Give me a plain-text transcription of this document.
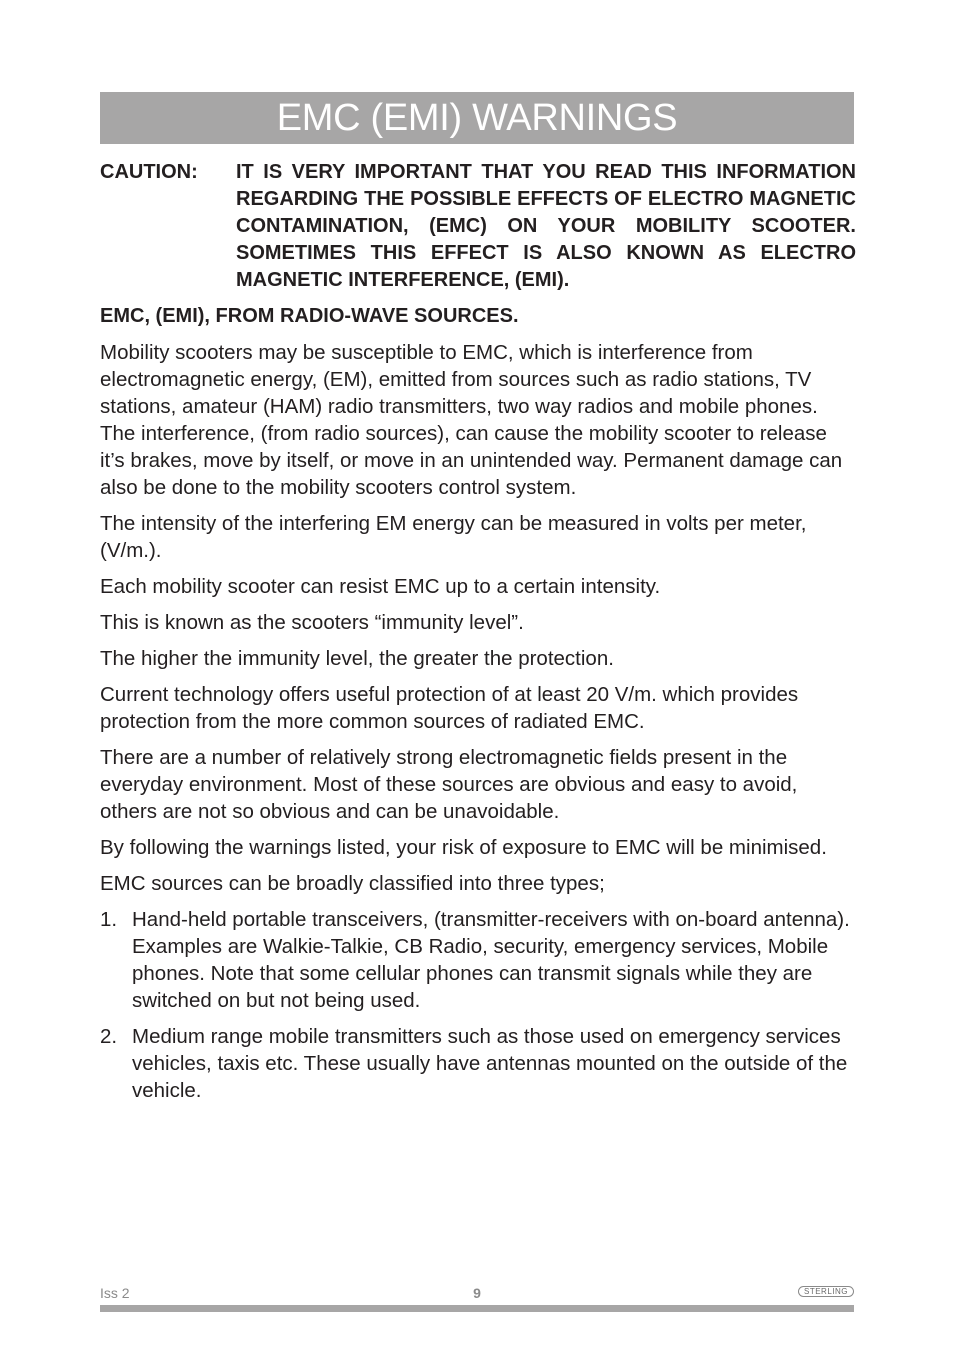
EMC (EMI) WARNINGS
CAUTION:	IT IS VERY IMPORTANT THAT YOU READ THIS INFORMATION REGARDING THE POSSIBLE EFFECTS OF ELECTRO MAGNETIC CONTAMINATION, (EMC) ON YOUR MOBILITY SCOOTER. SOMETIMES THIS EFFECT IS ALSO KNOWN AS ELECTRO MAGNETIC INTERFERENCE, (EMI).
EMC, (EMI), FROM RADIO-WAVE SOURCES.

Mobility scooters may be susceptible to EMC, which is interference from electromagnetic energy, (EM), emitted from sources such as radio stations, TV stations, amateur (HAM) radio transmitters, two way radios and mobile phones. The interference, (from radio sources), can cause the mobility scooter to release it’s brakes, move by itself, or move in an unintended way. Permanent damage can also be done to the mobility scooters control system.

The intensity of the interfering EM energy can be measured in volts per meter, (V/m.).

Each mobility scooter can resist EMC up to a certain intensity.

This is known as the scooters “immunity level”.

The higher the immunity level, the greater the protection.

Current technology offers useful protection of at least 20 V/m. which provides protection from the more common sources of radiated EMC.

There are a number of relatively strong electromagnetic fields present in the everyday environment. Most of these sources are obvious and easy to avoid, others are not so obvious and can be unavoidable.

By following the warnings listed, your risk of exposure to EMC will be minimised.

EMC sources can be broadly classified into three types;

1. Hand-held portable transceivers, (transmitter-receivers with on-board antenna). Examples are Walkie-Talkie, CB Radio, security, emergency services, Mobile phones. Note that some cellular phones can transmit signals while they are switched on but not being used.
2. Medium range mobile transmitters such as those used on emergency services vehicles, taxis etc. These usually have antennas mounted on the outside of the vehicle.
Iss 2	9	STERLING
